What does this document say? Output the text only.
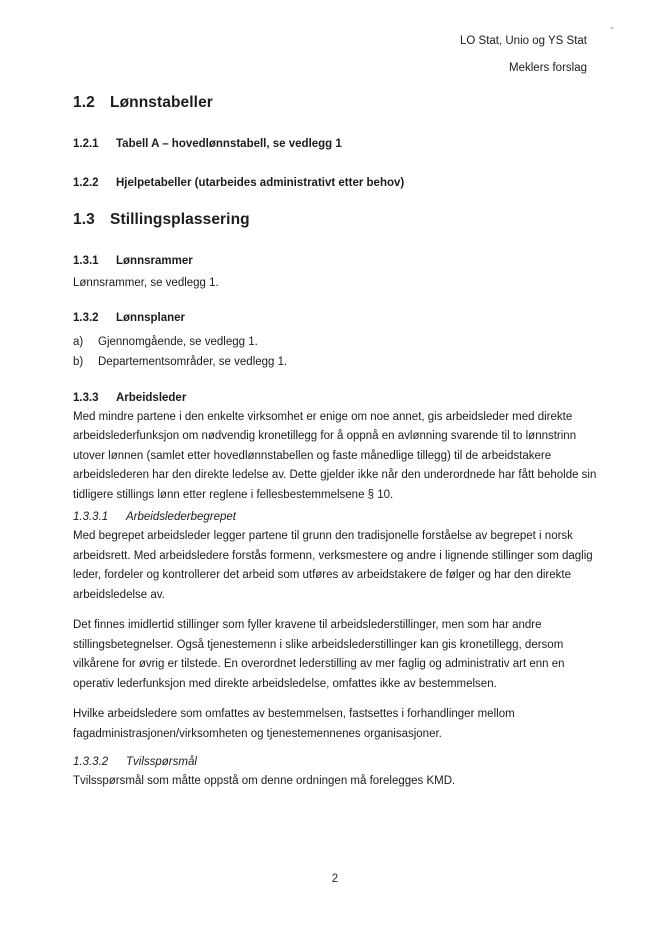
LO Stat, Unio og YS Stat
Meklers forslag
1.2 Lønnstabeller
1.2.1 Tabell A – hovedlønnstabell, se vedlegg 1
1.2.2 Hjelpetabeller (utarbeides administrativt etter behov)
1.3 Stillingsplassering
1.3.1 Lønnsrammer

Lønnsrammer, se vedlegg 1.

1.3.2 Lønnsplaner
a) Gjennomgående, se vedlegg 1.
b) Departementsområder, se vedlegg 1.
1.3.3 Arbeidsleder

Med mindre partene i den enkelte virksomhet er enige om noe annet, gis arbeidsleder med direkte arbeidslederfunksjon om nødvendig kronetillegg for å oppnå en avlønning svarende til to lønnstrinn utover lønnen (samlet etter hovedlønnstabellen og faste månedlige tillegg) til de arbeidstakere arbeidslederen har den direkte ledelse av. Dette gjelder ikke når den underordnede har fått beholde sin tidligere stillings lønn etter reglene i fellesbestemmelsene § 10.

1.3.3.1 Arbeidslederbegrepet

Med begrepet arbeidsleder legger partene til grunn den tradisjonelle forståelse av begrepet i norsk arbeidsrett. Med arbeidsledere forstås formenn, verksmestere og andre i lignende stillinger som daglig leder, fordeler og kontrollerer det arbeid som utføres av arbeidstakere de følger og har den direkte arbeidsledelse av.

Det finnes imidlertid stillinger som fyller kravene til arbeidslederstillinger, men som har andre stillingsbetegnelser. Også tjenestemenn i slike arbeidslederstillinger kan gis kronetillegg, dersom vilkårene for øvrig er tilstede. En overordnet lederstilling av mer faglig og administrativ art enn en operativ lederfunksjon med direkte arbeidsledelse, omfattes ikke av bestemmelsen.

Hvilke arbeidsledere som omfattes av bestemmelsen, fastsettes i forhandlinger mellom fagadministrasjonen/virksomheten og tjenestemennenes organisasjoner.

1.3.3.2 Tvilsspørsmål

Tvilsspørsmål som måtte oppstå om denne ordningen må forelegges KMD.

2
